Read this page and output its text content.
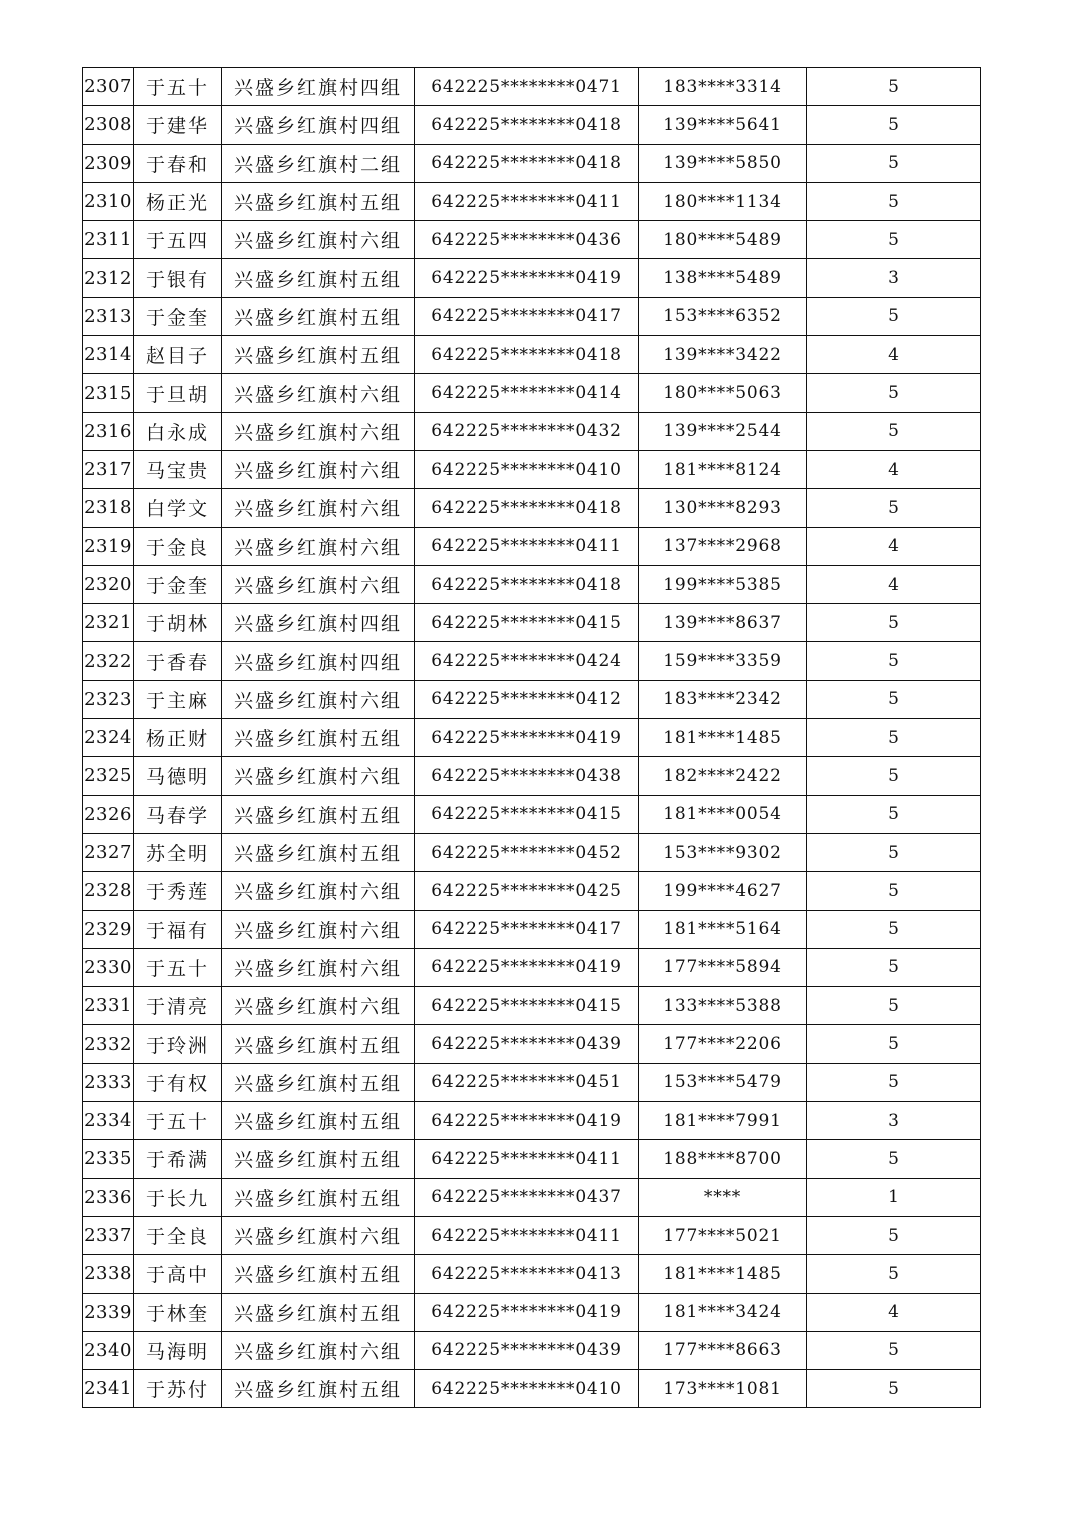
2307	于五十	兴盛乡红旗村四组	642225********0471	183****3314	5
2308	于建华	兴盛乡红旗村四组	642225********0418	139****5641	5
2309	于春和	兴盛乡红旗村二组	642225********0418	139****5850	5
2310	杨正光	兴盛乡红旗村五组	642225********0411	180****1134	5
2311	于五四	兴盛乡红旗村六组	642225********0436	180****5489	5
2312	于银有	兴盛乡红旗村五组	642225********0419	138****5489	3
2313	于金奎	兴盛乡红旗村五组	642225********0417	153****6352	5
2314	赵目子	兴盛乡红旗村五组	642225********0418	139****3422	4
2315	于旦胡	兴盛乡红旗村六组	642225********0414	180****5063	5
2316	白永成	兴盛乡红旗村六组	642225********0432	139****2544	5
2317	马宝贵	兴盛乡红旗村六组	642225********0410	181****8124	4
2318	白学文	兴盛乡红旗村六组	642225********0418	130****8293	5
2319	于金良	兴盛乡红旗村六组	642225********0411	137****2968	4
2320	于金奎	兴盛乡红旗村六组	642225********0418	199****5385	4
2321	于胡林	兴盛乡红旗村四组	642225********0415	139****8637	5
2322	于香春	兴盛乡红旗村四组	642225********0424	159****3359	5
2323	于主麻	兴盛乡红旗村六组	642225********0412	183****2342	5
2324	杨正财	兴盛乡红旗村五组	642225********0419	181****1485	5
2325	马德明	兴盛乡红旗村六组	642225********0438	182****2422	5
2326	马春学	兴盛乡红旗村五组	642225********0415	181****0054	5
2327	苏全明	兴盛乡红旗村五组	642225********0452	153****9302	5
2328	于秀莲	兴盛乡红旗村六组	642225********0425	199****4627	5
2329	于福有	兴盛乡红旗村六组	642225********0417	181****5164	5
2330	于五十	兴盛乡红旗村六组	642225********0419	177****5894	5
2331	于清亮	兴盛乡红旗村六组	642225********0415	133****5388	5
2332	于玲洲	兴盛乡红旗村五组	642225********0439	177****2206	5
2333	于有权	兴盛乡红旗村五组	642225********0451	153****5479	5
2334	于五十	兴盛乡红旗村五组	642225********0419	181****7991	3
2335	于希满	兴盛乡红旗村五组	642225********0411	188****8700	5
2336	于长九	兴盛乡红旗村五组	642225********0437	****	1
2337	于全良	兴盛乡红旗村六组	642225********0411	177****5021	5
2338	于高中	兴盛乡红旗村五组	642225********0413	181****1485	5
2339	于林奎	兴盛乡红旗村五组	642225********0419	181****3424	4
2340	马海明	兴盛乡红旗村六组	642225********0439	177****8663	5
2341	于苏付	兴盛乡红旗村五组	642225********0410	173****1081	5
